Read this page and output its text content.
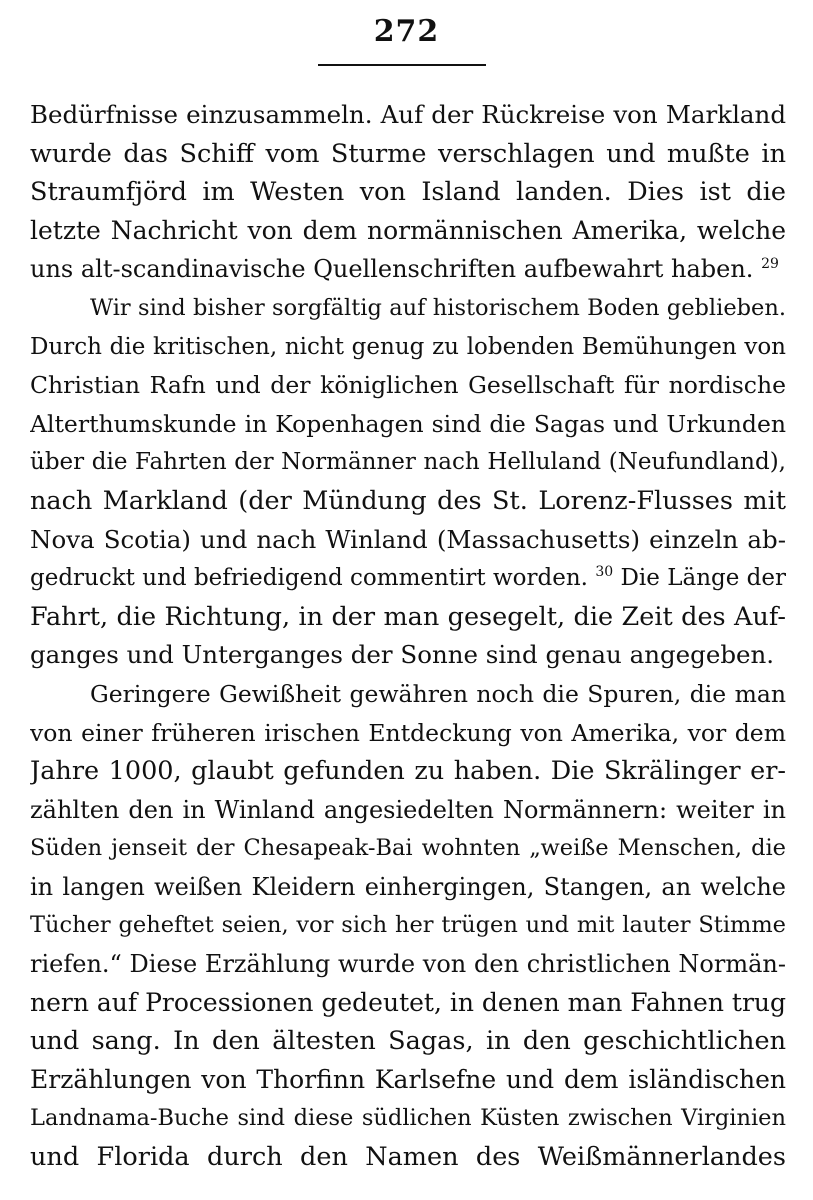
272
Bedürfnisse einzusammeln. Auf der Rückreise von Markland
wurde das Schiff vom Sturme verschlagen und mußte in
Straumfjörd im Westen von Island landen. Dies ist die
letzte Nachricht von dem normännischen Amerika, welche
uns alt-scandinavische Quellenschriften aufbewahrt haben. $^{29}$
Wir sind bisher sorgfältig auf historischem Boden geblieben.
Durch die kritischen, nicht genug zu lobenden Bemühungen von
Christian Rafn und der königlichen Gesellschaft für nordische
Alterthumskunde in Kopenhagen sind die Sagas und Urkunden
über die Fahrten der Normänner nach Helluland (Neufundland),
nach Markland (der Mündung des St. Lorenz-Flusses mit
Nova Scotia) und nach Winland (Massachusetts) einzeln ab-
gedruckt und befriedigend commentirt worden. $^{30}$ Die Länge der
Fahrt, die Richtung, in der man gesegelt, die Zeit des Auf-
ganges und Unterganges der Sonne sind genau angegeben.
Geringere Gewißheit gewähren noch die Spuren, die man
von einer früheren irischen Entdeckung von Amerika, vor dem
Jahre 1000, glaubt gefunden zu haben. Die Skrälinger er-
zählten den in Winland angesiedelten Normännern: weiter in
Süden jenseit der Chesapeak-Bai wohnten „weiße Menschen, die
in langen weißen Kleidern einhergingen, Stangen, an welche
Tücher geheftet seien, vor sich her trügen und mit lauter Stimme
riefen.“ Diese Erzählung wurde von den christlichen Normän-
nern auf Processionen gedeutet, in denen man Fahnen trug
und sang. In den ältesten Sagas, in den geschichtlichen
Erzählungen von Thorfinn Karlsefne und dem isländischen
Landnama-Buche sind diese südlichen Küsten zwischen Virginien
und Florida durch den Namen des Weißmännerlandes
